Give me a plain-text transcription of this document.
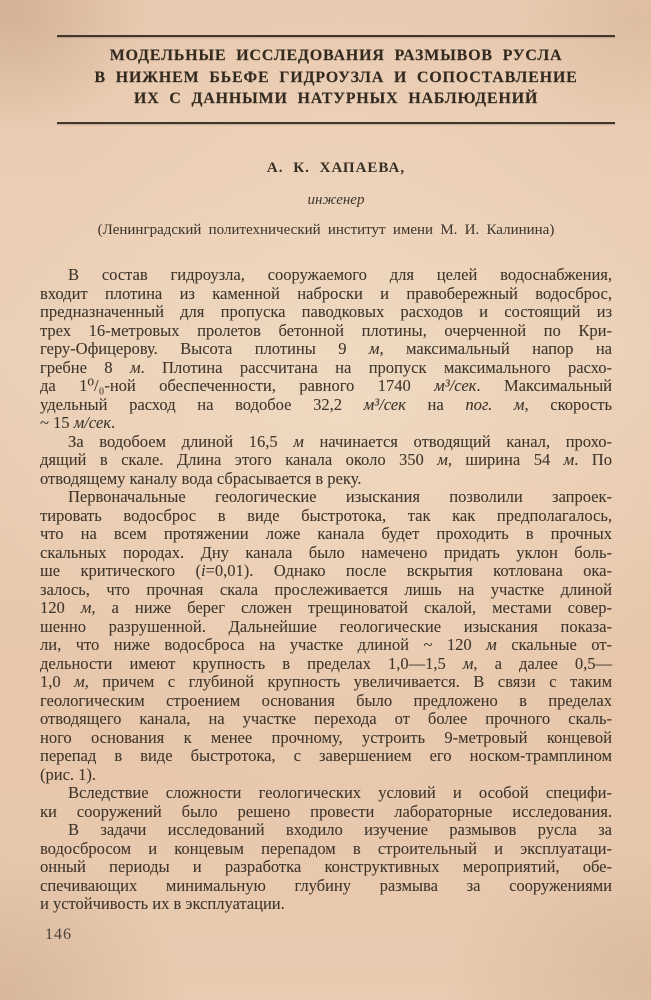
МОДЕЛЬНЫЕ ИССЛЕДОВАНИЯ РАЗМЫВОВ РУСЛА
В НИЖНЕМ БЬЕФЕ ГИДРОУЗЛА И СОПОСТАВЛЕНИЕ
ИХ С ДАННЫМИ НАТУРНЫХ НАБЛЮДЕНИЙ
А. К. ХАПАЕВА,
инженер
(Ленинградский политехнический институт имени М. И. Калинина)
В состав гидроузла, сооружаемого для целей водоснабжения,
входит плотина из каменной наброски и правобережный водосброс,
предназначенный для пропуска паводковых расходов и состоящий из
трех 16-метровых пролетов бетонной плотины, очерченной по Кри-
геру-Офицерову. Высота плотины 9 м, максимальный напор на
гребне 8 м. Плотина рассчитана на пропуск максимального расхо-
да 1⁰/₀-ной обеспеченности, равного 1740 м³/сек. Максимальный
удельный расход на водобое 32,2 м³/сек на пог. м, скорость
~ 15 м/сек.
За водобоем длиной 16,5 м начинается отводящий канал, прохо-
дящий в скале. Длина этого канала около 350 м, ширина 54 м. По
отводящему каналу вода сбрасывается в реку.
Первоначальные геологические изыскания позволили запроек-
тировать водосброс в виде быстротока, так как предполагалось,
что на всем протяжении ложе канала будет проходить в прочных
скальных породах. Дну канала было намечено придать уклон боль-
ше критического (i=0,01). Однако после вскрытия котлована ока-
залось, что прочная скала прослеживается лишь на участке длиной
120 м, а ниже берег сложен трещиноватой скалой, местами совер-
шенно разрушенной. Дальнейшие геологические изыскания показа-
ли, что ниже водосброса на участке длиной ~ 120 м скальные от-
дельности имеют крупность в пределах 1,0—1,5 м, а далее 0,5—
1,0 м, причем с глубиной крупность увеличивается. В связи с таким
геологическим строением основания было предложено в пределах
отводящего канала, на участке перехода от более прочного скаль-
ного основания к менее прочному, устроить 9-метровый концевой
перепад в виде быстротока, с завершением его носком-трамплином
(рис. 1).
Вследствие сложности геологических условий и особой специфи-
ки сооружений было решено провести лабораторные исследования.
В задачи исследований входило изучение размывов русла за
водосбросом и концевым перепадом в строительный и эксплуатаци-
онный периоды и разработка конструктивных мероприятий, обе-
спечивающих минимальную глубину размыва за сооружениями
и устойчивость их в эксплуатации.
146
